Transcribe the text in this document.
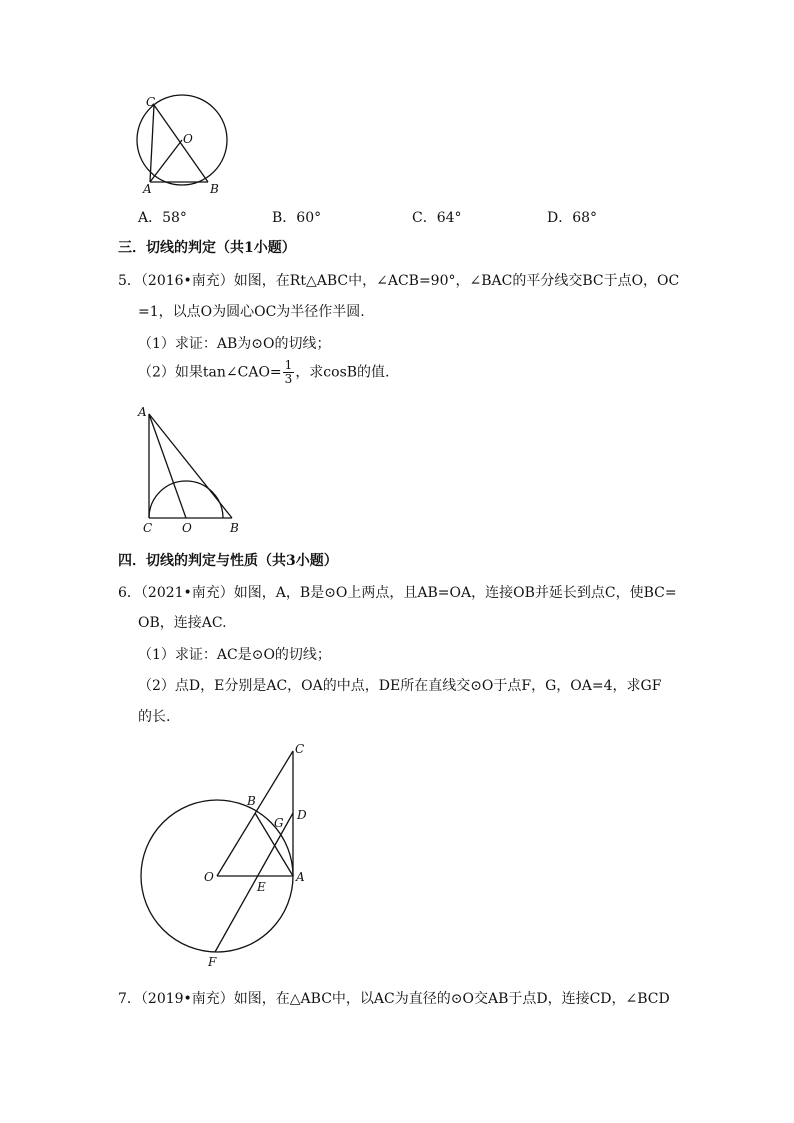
C
O
A	B
A．58°	B．60°	C．64°	D．68°
三．切线的判定（共1小题）
5．（2016•南充）如图，在Rt△ABC中，∠ACB=90°，∠BAC的平分线交BC于点O，OC
=1，以点O为圆心OC为半径作半圆.
（1）求证：AB为⊙O的切线；
（2）如果tan∠CAO= $\frac{1}{3}$ ，求cosB的值.
A
C O	B
四．切线的判定与性质（共3小题）
6．（2021•南充）如图，A，B是⊙O上两点，且AB=OA，连接OB并延长到点C，使BC=
OB，连接AC.
（1）求证：AC是⊙O的切线；
（2）点D，E分别是AC，OA的中点，DE所在直线交⊙O于点F，G，OA=4，求GF
的长.
C
B
G
D
O
E
A
F
7．（2019•南充）如图，在△ABC中，以AC为直径的⊙O交AB于点D，连接CD，∠BCD
